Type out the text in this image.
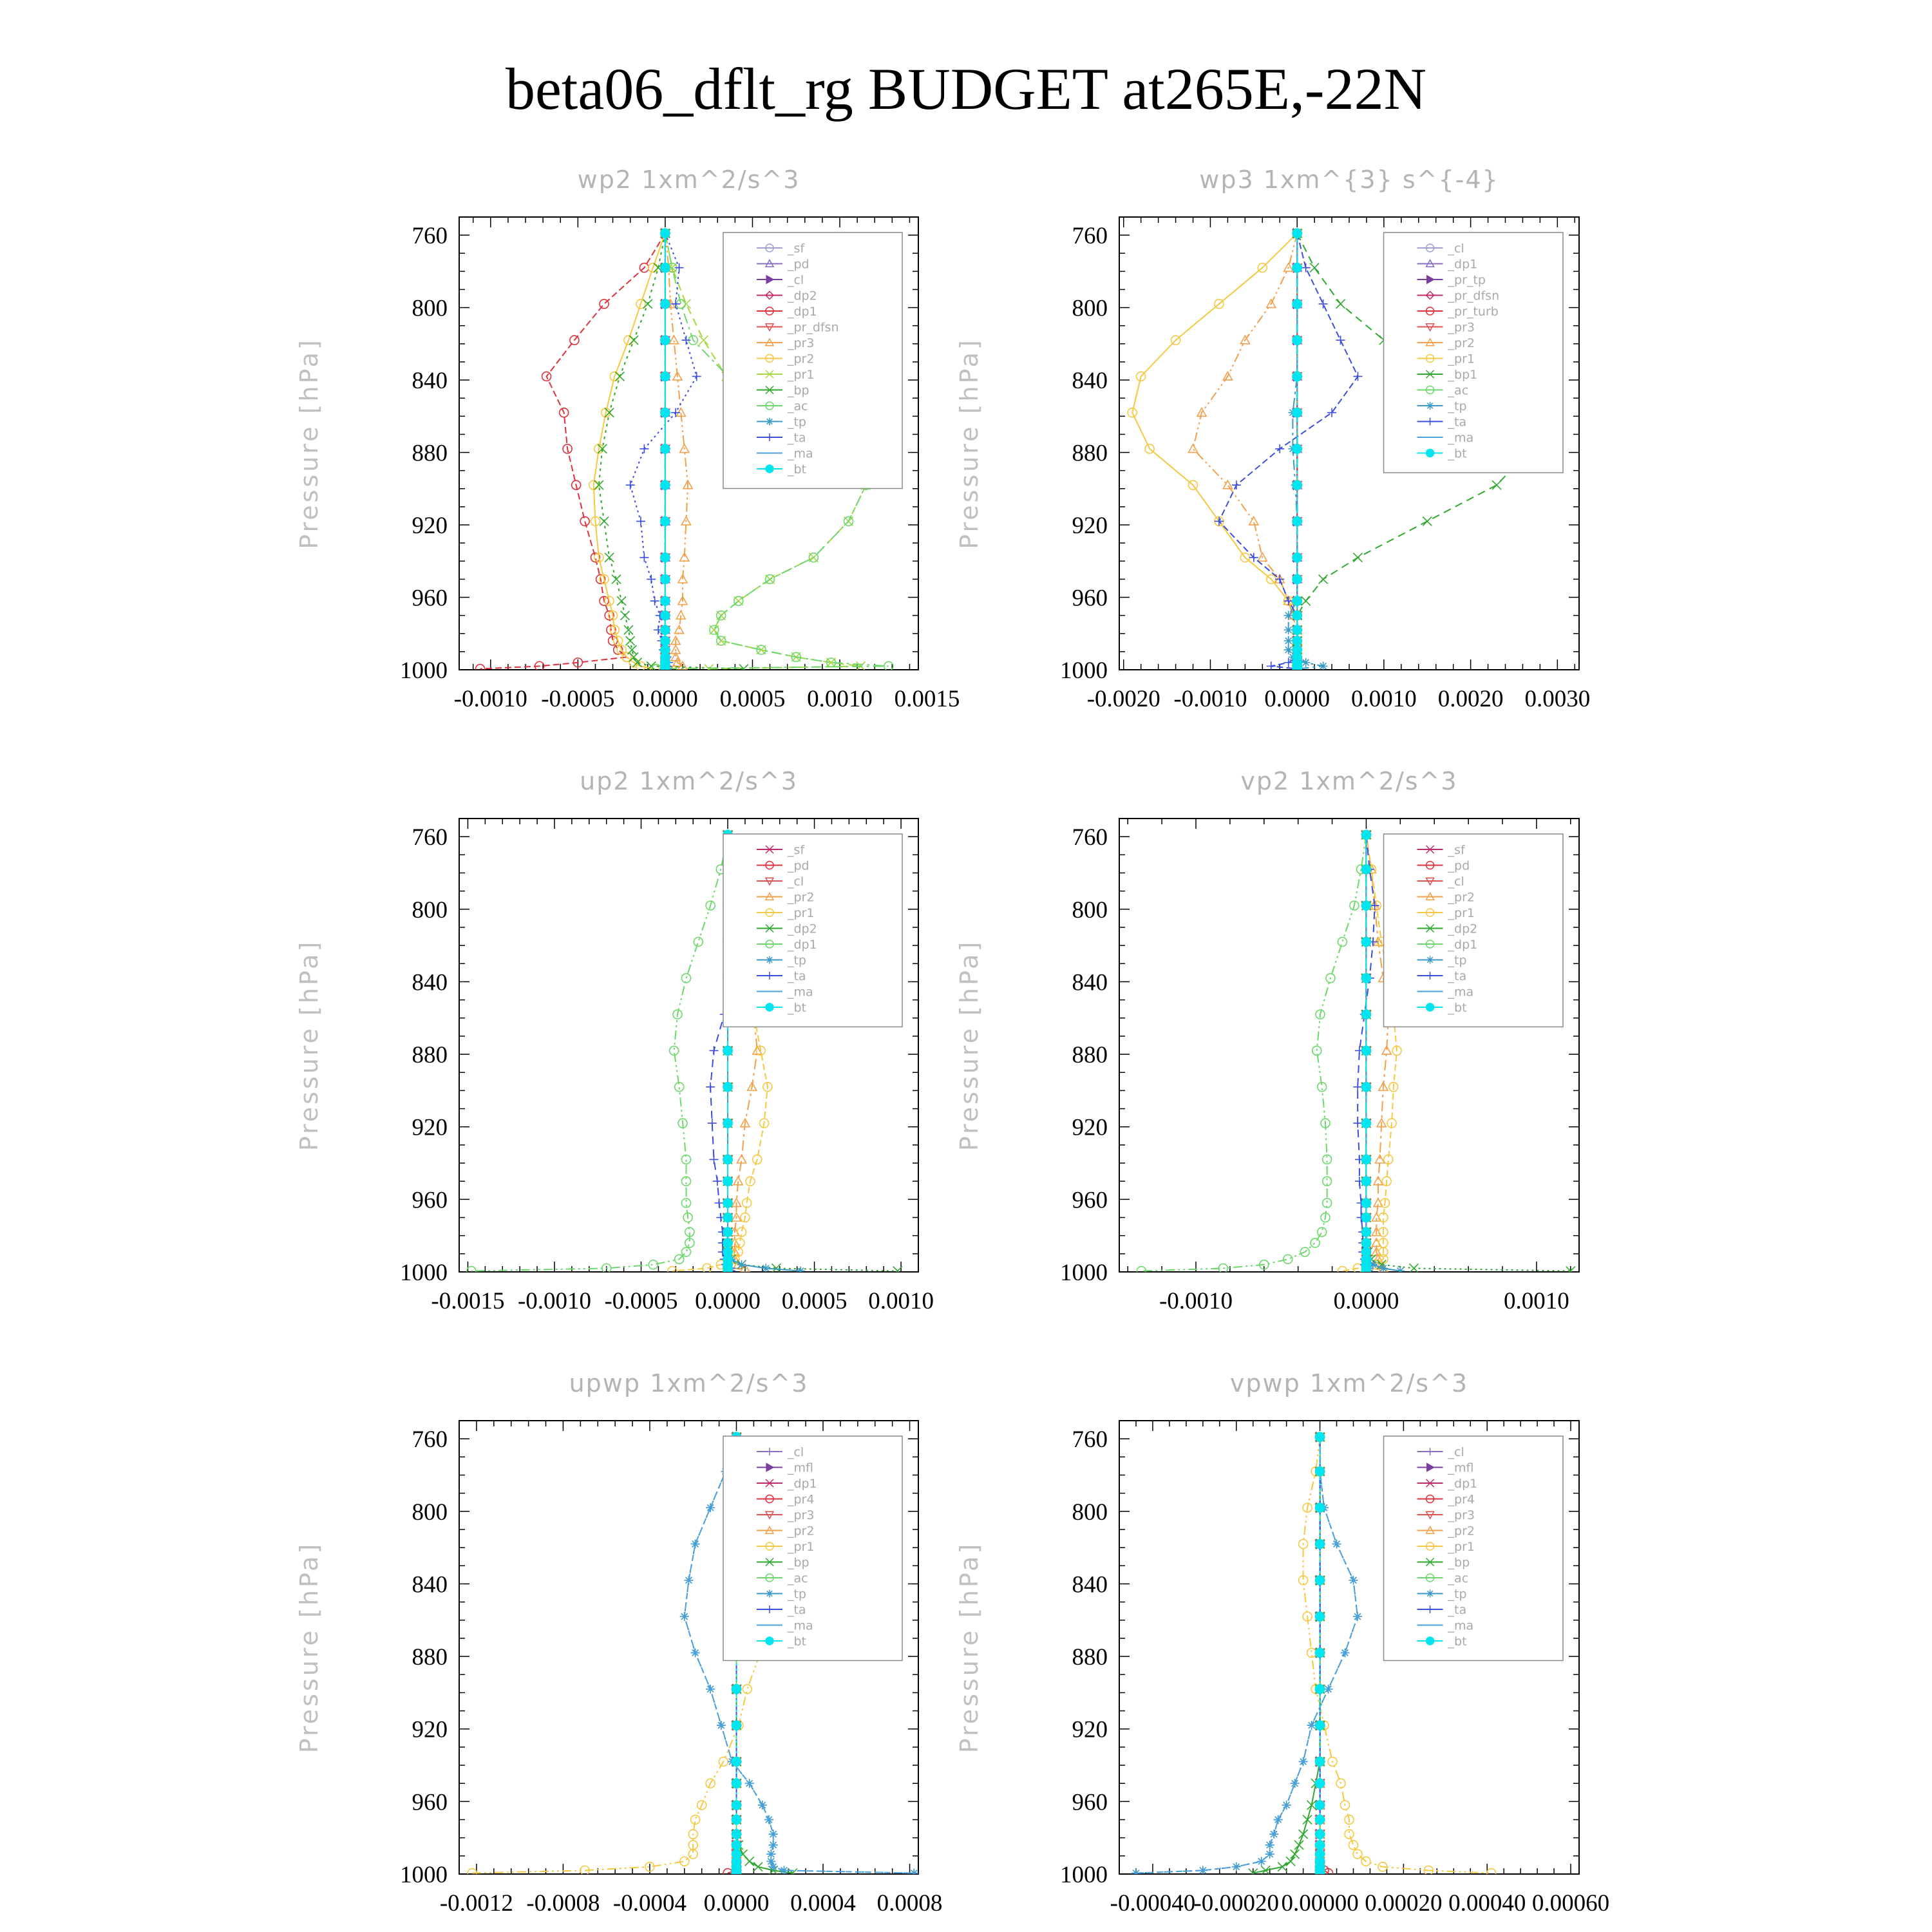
beta06_dflt_rg BUDGET at265E,-22N
760
800
840
880
920
960
1000
-0.0010 -0.0005 0.0000 0.0005 0.0010 0.0015
wp2 1xm^2/s^3
Pressure [hPa]
_sf
_pd
_cl
_dp2
_dp1
_pr_dfsn
_pr3
_pr2
_pr1
_bp
_ac
_tp
_ta
_ma
_bt
760
800
840
880
920
960
1000
-0.0020 -0.0010 0.0000 0.0010 0.0020 0.0030
wp3 1xm^{3} s^{-4}
Pressure [hPa]
_cl
_dp1
_pr_tp
_pr_dfsn
_pr_turb
_pr3
_pr2
_pr1
_bp1
_ac
_tp
_ta
_ma
_bt
760
800
840
880
920
960
1000
-0.0015 -0.0010 -0.0005 0.0000 0.0005 0.0010
up2 1xm^2/s^3
Pressure [hPa]
_sf
_pd
_cl
_pr2
_pr1
_dp2
_dp1
_tp
_ta
_ma
_bt
760
800
840
880
920
960
1000
-0.0010	0.0000	0.0010
vp2 1xm^2/s^3
Pressure [hPa]
_sf
_pd
_cl
_pr2
_pr1
_dp2
_dp1
_tp
_ta
_ma
_bt
760
800
840
880
920
960
1000
-0.0012 -0.0008 -0.0004 0.0000 0.0004 0.0008
upwp 1xm^2/s^3
Pressure [hPa]
_cl
_mfl
_dp1
_pr4
_pr3
_pr2
_pr1
_bp
_ac
_tp
_ta
_ma
_bt
760
800
840
880
920
960
1000
-0.00040
-0.00020 0.00000 0.00020 0.00040 0.00060
vpwp 1xm^2/s^3
Pressure [hPa]
_cl
_mfl
_dp1
_pr4
_pr3
_pr2
_pr1
_bp
_ac
_tp
_ta
_ma
_bt
